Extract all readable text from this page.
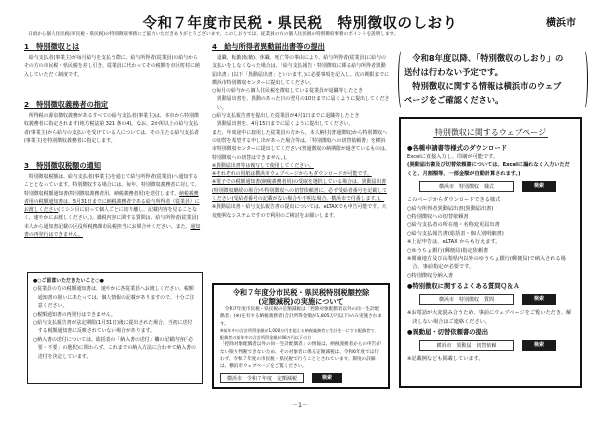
令和７年度市民税・県民税　特別徴収のしおり	横浜市
日頃から個人住民税(市民税・県民税)の特別徴収事務にご協力いただきありがとうございます。このしおりでは、従業員の方の個人住民税の特別徴収事務のポイントを説明します。
1　特別徴収とは
給与支払者(事業主)が毎月給与を支払う際に、給与所得者(従業員)の給与からその方の市民税・県民税を差し引き、従業員に代わってその税額を市区町村に納入していただく制度です。
2　特別徴収義務者の指定
所得税の源泉徴収義務があるすべての給与支払者(事業主)は、本市から特別徴収義務者に指定されます(地方税法第 321 条の4)。なお、2か所以上の給与支払者(事業主)から給与の支払いを受けている人については、その主たる給与支払者(事業主)を特別徴収義務者に指定します。
3　特別徴収税額の通知
特別徴収税額は、給与支払者(事業主)を通じて給与所得者(従業員)へ通知することとなっています。特別徴収する場合には、毎年、特別徴収義務者に対して、特別徴収税額通知書(特別徴収義務者用、納税義務者用)を送付します。納税義務者用の税額通知書は、5月31日までに納税義務者である給与所得者（従業員）にお渡しください(ミシン目に沿って個人ごとに切り離し、記載内容を見ることなく、速やかにお渡しください。)。課税内容に関する質問は、給与所得者(従業員)本人から通知書記載の区役所税務課市民税担当にお問合せください。また、通知書の再発行はできません。
●○ご留意いただきたいこと○●
○従業員の方の税額通知書は、速やかに各従業員へお渡しください。税額通知書の扱いにあたっては、個人情報の記載がありますので、十分ご注意ください。
○税額通知書の再発行はできません。
○給与支払報告書が法定期限(1月31日)後に提出された場合、当初に送付する税額通知書に反映されていない場合があります。
○納入書の送付については、総括表の「納入書の送付」欄の記載内容(「必要・不要」の選択)に関わらず、これまでの納入方法に合わせて納入書の送付を決定しています。
4　給与所得者異動届出書等の提出
退職、転勤(転籍)、休職、死亡等の事由により、給与所得者(従業員)に給与の支払いをしなくなった場合は、「給与支払報告・特別徴収に係る給与所得者異動届出書」(以下「異動届出書」といいます。)に必要事項を記入し、次の期限までに横浜市特別徴収センターに提出してください。
○毎月の給与から個人住民税を徴収している従業員が退職等したとき
異動届出書を、異動のあった日の翌月の10日までに届くように提出してください。
○給与支払報告書を提出した従業員が4月1日までに退職等したとき
異動届出書を、4月15日までに届くように提出してください。
また、年度途中に雇用した従業員の方から、本人納付(普通徴収)から特別徴収への切替を希望する申し出があった場合等は、「特別徴収への切替依頼書」を横浜市特別徴収センターに提出してください(普通徴収の納期限が過ぎているものは、特別徴収への切替はできません。)。
※異動届出書等は複写して使用してください。
※それぞれの用紙は横浜市ウェブページからもダウンロードが可能です。
※電子での税額通知書(納税義務者用)の受取を選択している場合は、異動届出書(特別徴収継続の場合)や特別徴収への切替依頼書に、必ず受給者番号を記載してください(受給者番号の記載がない場合や不明な場合、横浜市で付番します。)。
※異動届出書・給与支払報告書の提出については、eLTAXでも申告可能です。大変便利なシステムですので利用のご検討をお願いします。
令和７年度分市民税・県民税特別税額控除
(定額減税)の実施について
令和7年度市民税・県民税の定額減税は「控除対象配偶者以外の同一生計配偶者」(※)を有する納税義務者(合計所得金額が1,805万円以下)のみ実施されます。
※前年中の合計所得金額が1,000万円を超える納税義務者と生計を一にする配偶者で、配偶者の前年中の合計所得金額が48万円以下の方
「控除対象配偶者以外の同一生計配偶者」の情報は、納税義務者からの申告がない限り判断できないため、その対象者に係る定額減税は、令和6年度では行わず、令和７年度の市民税・県民税で行うこととされています。制度の詳細は、横浜市ウェブページをご覧ください。
横浜市　令和７年度　定額減税	検索
令和8年度以降、「特別徴収のしおり」の
送付は行わない予定です。
特別徴収に関する情報は横浜市のウェブ
ページをご確認ください。
特別徴収に関するウェブページ
●各種申請書等様式のダウンロード
Excelに直接入力し、印刷が可能です。
(異動届出書及び切替依頼書については、Excelに漏れなく入力いただくと、月割額等、一部金額が自動計算されます。)
横浜市　特別徴収　様式	検索
このページからダウンロードできる様式
○給与所得者異動届出書(異動届出書)
○特別徴収への切替依頼書
○給与支払者の所在地・名称変更届出書
○給与支払報告書(総括表・個人別明細書)
※上記申告は、eLTAX からも行えます。
○ゆうちょ銀行(郵便局)指定依頼書
※関東地方及び山梨県内以外のゆうちょ銀行(郵便局)で納入される場合、事前指定が必要です。
○特別徴収分納入書
●特別徴収に関するよくある質問Ｑ＆Ａ
横浜市　特別徴収　質問	検索
※お電話が大変混み合うため、事前にウェブページをご覧いただき、解決しない場合はご連絡ください。
●異動届・切替依頼書の提出
横浜市　異動届　切替依頼	検索
※記載例なども掲載しています。
－1－
